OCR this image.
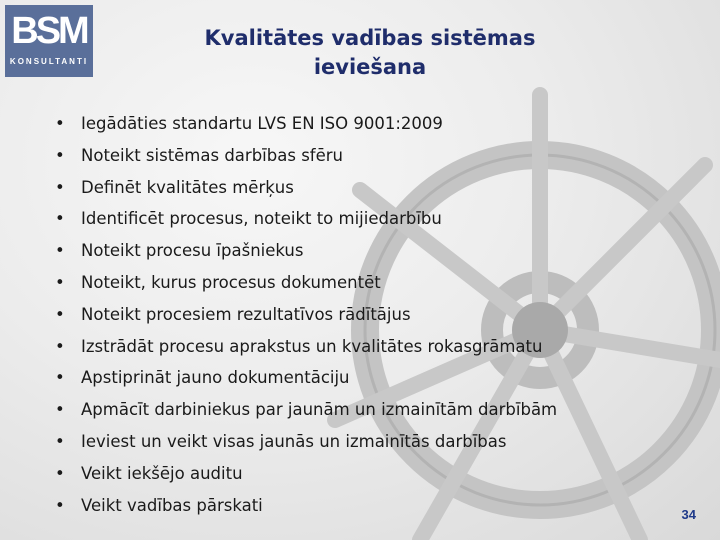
BSM
KONSULTANTI
Kvalitātes vadības sistēmas
ieviešana
• Iegādāties standartu LVS EN ISO 9001:2009
• Noteikt sistēmas darbības sfēru
• Definēt kvalitātes mērķus
• Identificēt procesus, noteikt to mijiedarbību
• Noteikt procesu īpašniekus
• Noteikt, kurus procesus dokumentēt
• Noteikt procesiem rezultatīvos rādītājus
• Izstrādāt procesu aprakstus un kvalitātes rokasgrāmatu
• Apstiprināt jauno dokumentāciju
• Apmācīt darbiniekus par jaunām un izmainītām darbībām
• Ieviest un veikt visas jaunās un izmainītās darbības
• Veikt iekšējo auditu
• Veikt vadības pārskati	34
